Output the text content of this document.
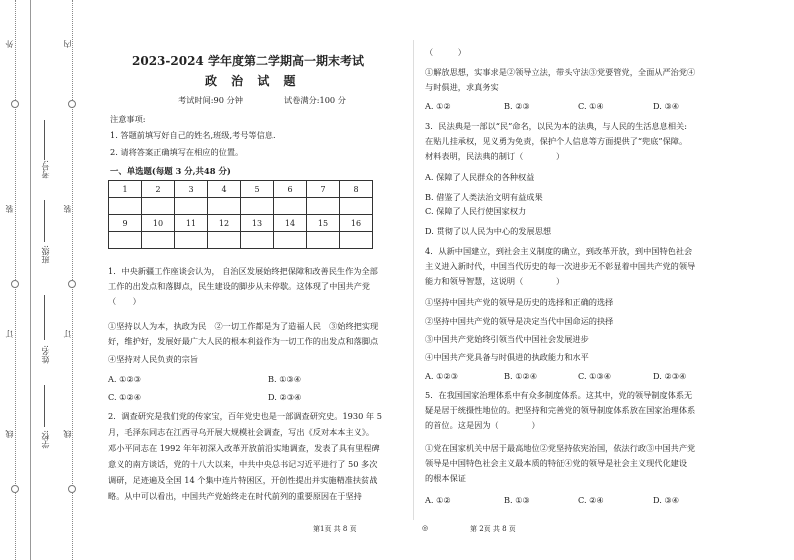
外
装
订
线
内
装
订
线
考号:
班级:
姓名:
学校:
2023-2024 学年度第二学期高一期末考试
政 治 试 题
考试时间:90 分钟	试卷满分:100 分
注意事项:
1. 答题前填写好自己的姓名,班级,考号等信息.
2. 请将答案正确填写在相应的位置。
一、单选题(每题 3 分,共48 分)
1	2	3	4	5	6	7	8

9	10	11	12	13	14	15	16

1．中央新疆工作座谈会认为， 自治区发展始终把保障和改善民生作为全部
工作的出发点和落脚点，民生建设的脚步从未停歇。这体现了中国共产党
（　　）
①坚持以人为本，执政为民　②一切工作都是为了造福人民　③始终把实现
好，维护好，发展好最广大人民的根本利益作为一切工作的出发点和落脚点
④坚持对人民负责的宗旨
A. ①②③	B. ①③④
C. ①②④	D. ②③④
2．调查研究是我们党的传家宝，百年党史也是一部调查研究史。1930 年 5
月，毛泽东同志在江西寻乌开展大规模社会调查，写出《反对本本主义》。
邓小平同志在 1992 年年初深入改革开放前沿实地调查，发表了具有里程碑
意义的南方谈话，党的十八大以来，中共中央总书记习近平进行了 50 多次
调研，足迹遍及全国 14 个集中连片特困区，开创性提出并实施精准扶贫战
略。从中可以看出，中国共产党始终走在时代前列的重要原因在于坚持
（　　　）
①解放思想，实事求是②领导立法，带头守法③党要管党，全面从严治党④
与时俱进，求真务实
A. ①②	B. ②③	C. ①④	D. ③④
3．民法典是一部以“民”命名，以民为本的法典，与人民的生活息息相关:
在贴儿挂承权，见义勇为免责，保护个人信息等方面提供了“兜底”保障。
材料表明，民法典的制订（　　　　）
A. 保障了人民群众的各种权益
B. 借鉴了人类法治文明有益成果
C. 保障了人民行使国家权力
D. 贯彻了以人民为中心的发展思想
4．从新中国建立，到社会主义制度的确立，到改革开放，到中国特色社会
主义进入新时代，中国当代历史的每一次进步无不彰显着中国共产党的领导
能力和领导智慧，这说明（　　　　）
①坚持中国共产党的领导是历史的选择和正确的选择
②坚持中国共产党的领导是决定当代中国命运的抉择
③中国共产党始终引领当代中国社会发展进步
④中国共产党具备与时俱进的执政能力和水平
A. ①②③	B. ①②④	C. ①③④	D. ②③④
5．在我国国家治理体系中有众多制度体系。这其中，党的领导制度体系无
疑是居于统摄性地位的。把坚持和完善党的领导制度体系放在国家治理体系
的首位。这是因为（　　　　）
①党在国家机关中居于最高地位②党坚持依宪治国，依法行政③中国共产党
领导是中国特色社会主义最本质的特征④党的领导是社会主义现代化建设
的根本保证
A. ①②	B. ①③	C. ②④	D. ③④
第1页 共 8 页	◎	第 2页 共 8 页
